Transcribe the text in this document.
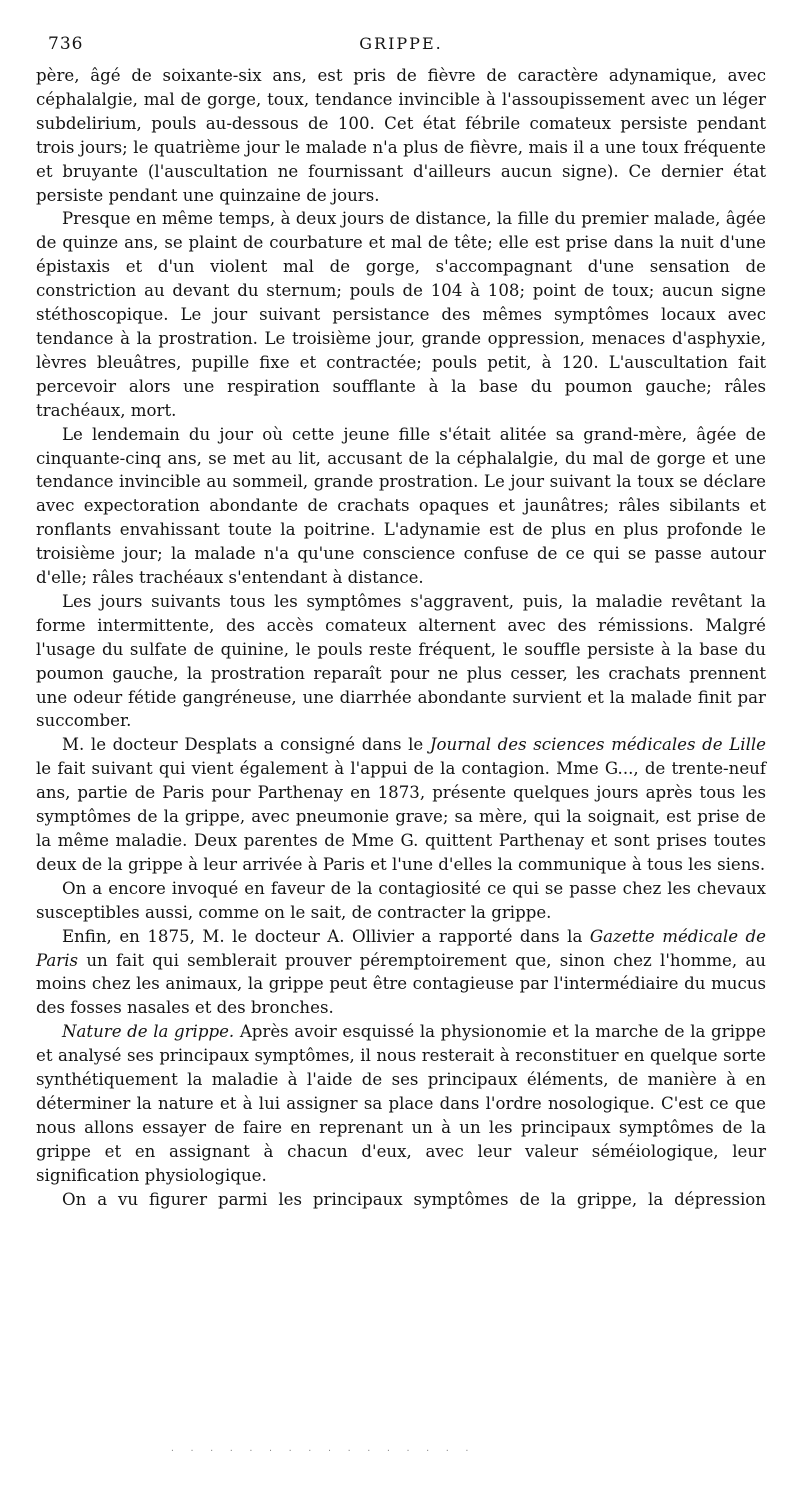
736	GRIPPE.

père, âgé de soixante-six ans, est pris de fièvre de caractère adynamique, avec céphalalgie, mal de gorge, toux, tendance invincible à l'assoupissement avec un léger subdelirium, pouls au-dessous de 100. Cet état fébrile comateux persiste pendant trois jours; le quatrième jour le malade n'a plus de fièvre, mais il a une toux fréquente et bruyante (l'auscultation ne fournissant d'ailleurs aucun signe). Ce dernier état persiste pendant une quinzaine de jours.

Presque en même temps, à deux jours de distance, la fille du premier malade, âgée de quinze ans, se plaint de courbature et mal de tête; elle est prise dans la nuit d'une épistaxis et d'un violent mal de gorge, s'accompagnant d'une sensation de constriction au devant du sternum; pouls de 104 à 108; point de toux; aucun signe stéthoscopique. Le jour suivant persistance des mêmes symptômes locaux avec tendance à la prostration. Le troisième jour, grande oppression, menaces d'asphyxie, lèvres bleuâtres, pupille fixe et contractée; pouls petit, à 120. L'auscultation fait percevoir alors une respiration soufflante à la base du poumon gauche; râles trachéaux, mort.

Le lendemain du jour où cette jeune fille s'était alitée sa grand-mère, âgée de cinquante-cinq ans, se met au lit, accusant de la céphalalgie, du mal de gorge et une tendance invincible au sommeil, grande prostration. Le jour suivant la toux se déclare avec expectoration abondante de crachats opaques et jaunâtres; râles sibilants et ronflants envahissant toute la poitrine. L'adynamie est de plus en plus profonde le troisième jour; la malade n'a qu'une conscience confuse de ce qui se passe autour d'elle; râles trachéaux s'entendant à distance.

Les jours suivants tous les symptômes s'aggravent, puis, la maladie revêtant la forme intermittente, des accès comateux alternent avec des rémissions. Malgré l'usage du sulfate de quinine, le pouls reste fréquent, le souffle persiste à la base du poumon gauche, la prostration reparaît pour ne plus cesser, les crachats prennent une odeur fétide gangréneuse, une diarrhée abondante survient et la malade finit par succomber.

M. le docteur Desplats a consigné dans le Journal des sciences médicales de Lille le fait suivant qui vient également à l'appui de la contagion. Mme G..., de trente-neuf ans, partie de Paris pour Parthenay en 1873, présente quelques jours après tous les symptômes de la grippe, avec pneumonie grave; sa mère, qui la soignait, est prise de la même maladie. Deux parentes de Mme G. quittent Parthenay et sont prises toutes deux de la grippe à leur arrivée à Paris et l'une d'elles la communique à tous les siens.

On a encore invoqué en faveur de la contagiosité ce qui se passe chez les chevaux susceptibles aussi, comme on le sait, de contracter la grippe.

Enfin, en 1875, M. le docteur A. Ollivier a rapporté dans la Gazette médicale de Paris un fait qui semblerait prouver péremptoirement que, sinon chez l'homme, au moins chez les animaux, la grippe peut être contagieuse par l'intermédiaire du mucus des fosses nasales et des bronches.

Nature de la grippe. Après avoir esquissé la physionomie et la marche de la grippe et analysé ses principaux symptômes, il nous resterait à reconstituer en quelque sorte synthétiquement la maladie à l'aide de ses principaux éléments, de manière à en déterminer la nature et à lui assigner sa place dans l'ordre nosologique. C'est ce que nous allons essayer de faire en reprenant un à un les principaux symptômes de la grippe et en assignant à chacun d'eux, avec leur valeur séméiologique, leur signification physiologique.

On a vu figurer parmi les principaux symptômes de la grippe, la dépression

· · · · · · · · · · · · · · · ·
